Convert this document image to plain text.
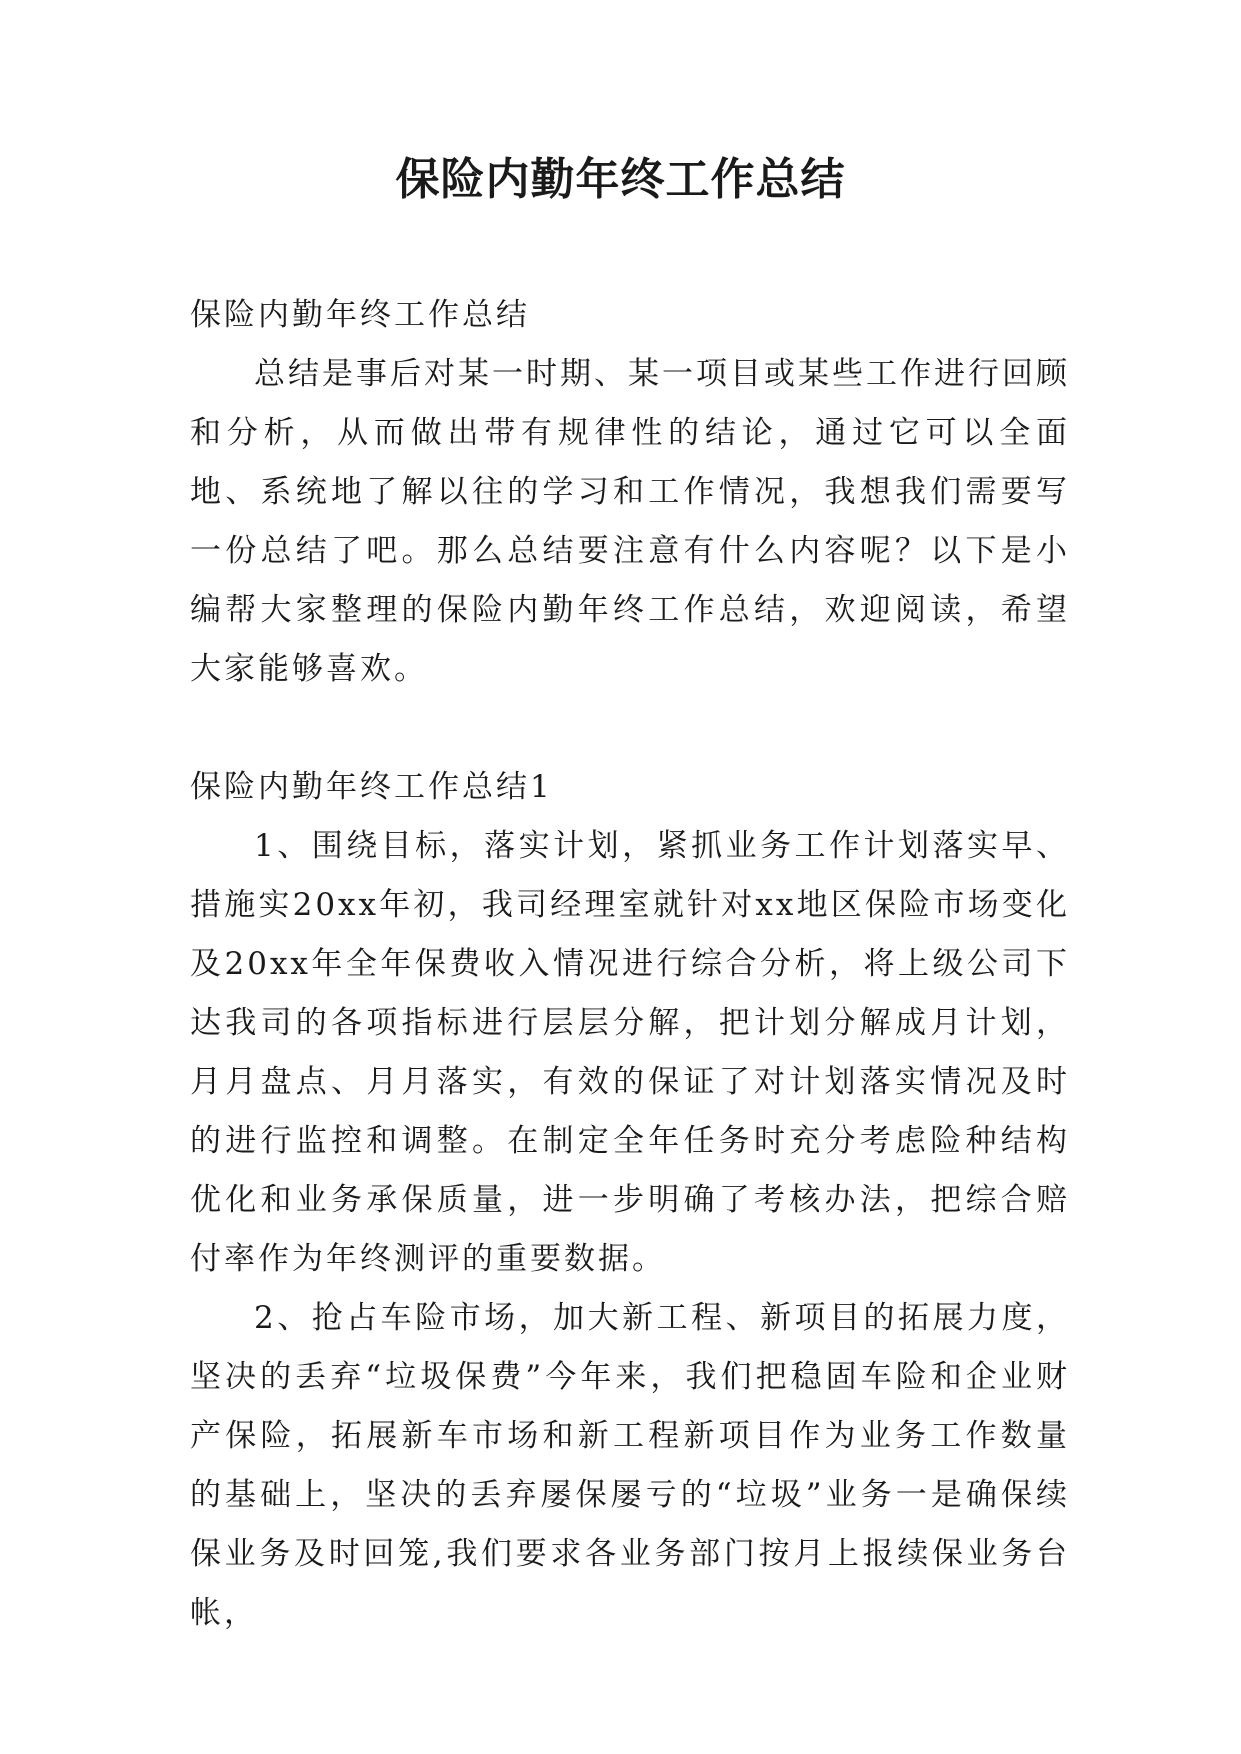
保险内勤年终工作总结

保险内勤年终工作总结

总结是事后对某一时期、某一项目或某些工作进行回顾和分析，从而做出带有规律性的结论，通过它可以全面地、系统地了解以往的学习和工作情况，我想我们需要写一份总结了吧。那么总结要注意有什么内容呢？以下是小编帮大家整理的保险内勤年终工作总结，欢迎阅读，希望大家能够喜欢。

保险内勤年终工作总结1

1、围绕目标，落实计划，紧抓业务工作计划落实早、措施实20xx年初，我司经理室就针对xx地区保险市场变化及20xx年全年保费收入情况进行综合分析，将上级公司下达我司的各项指标进行层层分解，把计划分解成月计划，月月盘点、月月落实，有效的保证了对计划落实情况及时的进行监控和调整。在制定全年任务时充分考虑险种结构优化和业务承保质量，进一步明确了考核办法，把综合赔付率作为年终测评的重要数据。

2、抢占车险市场，加大新工程、新项目的拓展力度，坚决的丢弃“垃圾保费”今年来，我们把稳固车险和企业财产保险，拓展新车市场和新工程新项目作为业务工作数量的基础上，坚决的丢弃屡保屡亏的“垃圾”业务一是确保续保业务及时回笼,我们要求各业务部门按月上报续保业务台帐，
